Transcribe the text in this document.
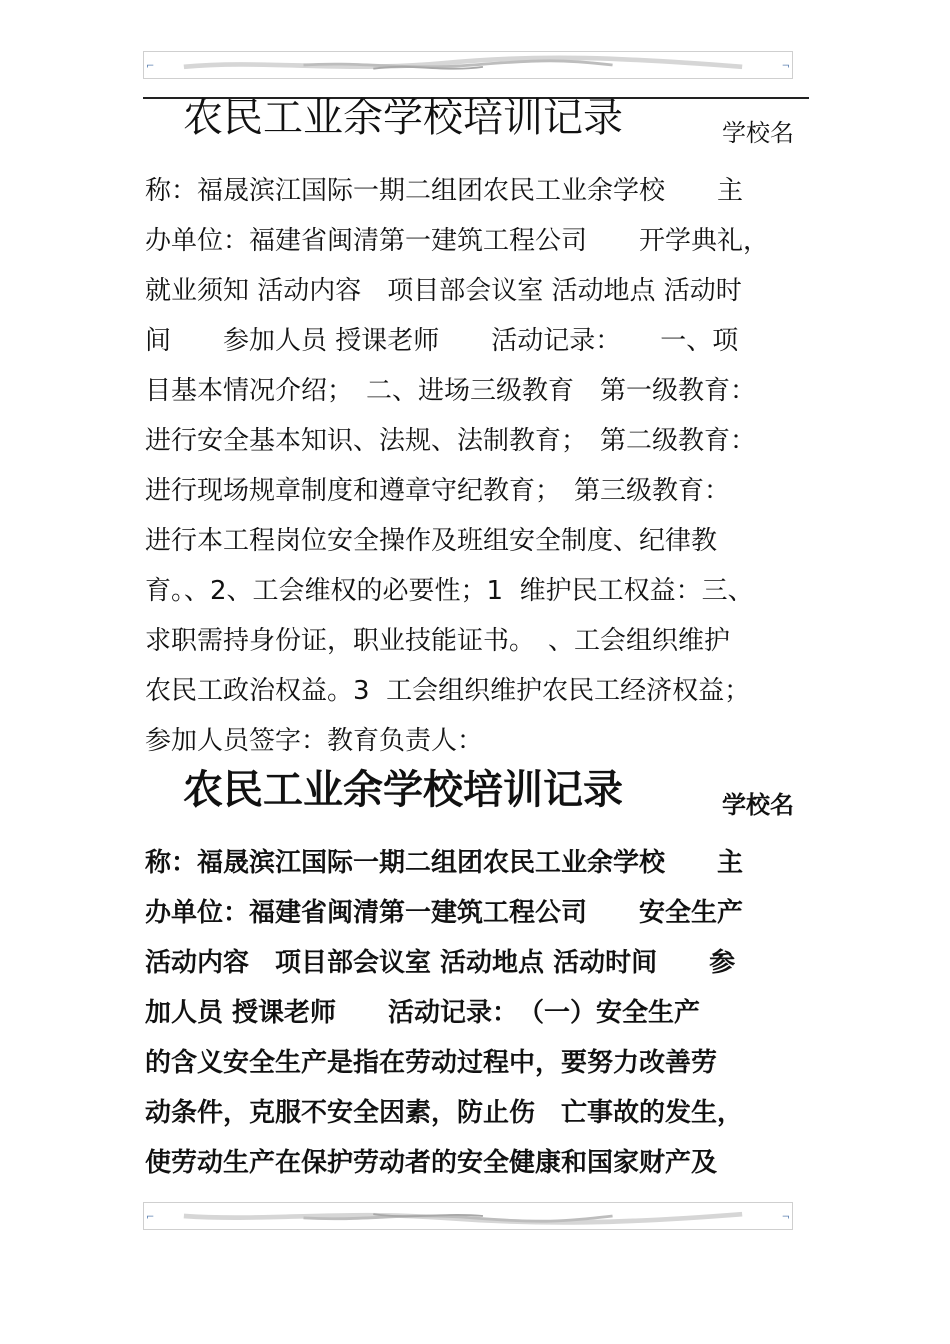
⌐	¬
农民工业余学校培训记录	学校名
称：福晟滨江国际一期二组团农民工业余学校　　主
办单位：福建省闽清第一建筑工程公司　　开学典礼，
就业须知 活动内容　项目部会议室 活动地点 活动时
间　　参加人员 授课老师　　活动记录：　　一、项
目基本情况介绍；　二、进场三级教育　第一级教育：
进行安全基本知识、法规、法制教育；　第二级教育：
进行现场规章制度和遵章守纪教育；　第三级教育：
进行本工程岗位安全操作及班组安全制度、纪律教
育。、2、工会维权的必要性；1  维护民工权益：三、
求职需持身份证，职业技能证书。　、工会组织维护
农民工政治权益。3  工会组织维护农民工经济权益；
参加人员签字：教育负责人：
农民工业余学校培训记录	学校名
称：福晟滨江国际一期二组团农民工业余学校　　主
办单位：福建省闽清第一建筑工程公司　　安全生产
活动内容　项目部会议室 活动地点 活动时间　　参
加人员 授课老师　　活动记录：　（一）安全生产
的含义安全生产是指在劳动过程中，要努力改善劳
动条件，克服不安全因素，防止伤　亡事故的发生，
使劳动生产在保护劳动者的安全健康和国家财产及
⌐	¬
